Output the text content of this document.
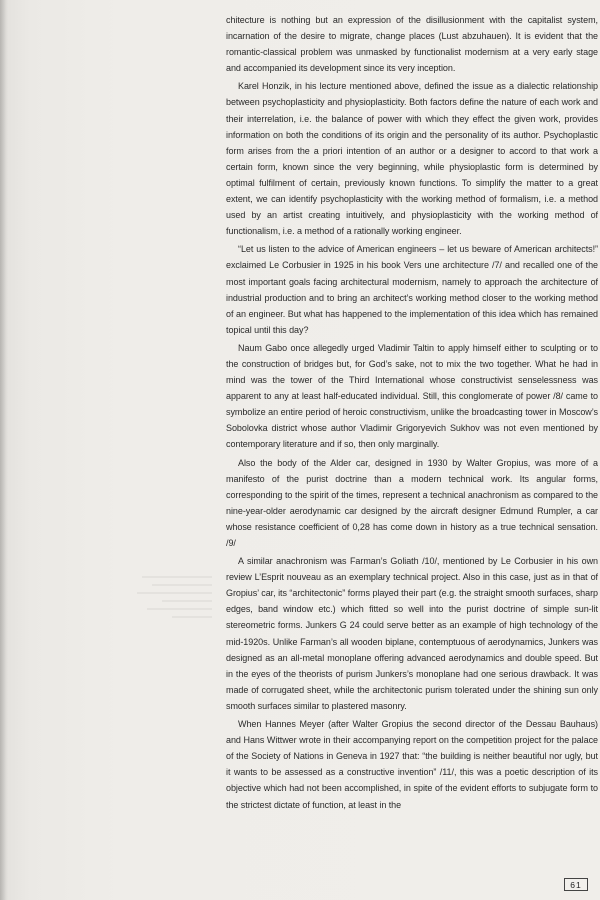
chitecture is nothing but an expression of the disillusionment with the capitalist system, incarnation of the desire to migrate, change places (Lust abzuhauen). It is evident that the romantic-classical problem was unmasked by functionalist modernism at a very early stage and accompanied its development since its very inception.

Karel Honzik, in his lecture mentioned above, defined the issue as a dialectic relationship between psychoplasticity and physioplasticity. Both factors define the nature of each work and their interrelation, i.e. the balance of power with which they effect the given work, provides information on both the conditions of its origin and the personality of its author. Psychoplastic form arises from the a priori intention of an author or a designer to accord to that work a certain form, known since the very beginning, while physioplastic form is determined by optimal fulfilment of certain, previously known functions. To simplify the matter to a great extent, we can identify psychoplasticity with the working method of formalism, i.e. a method used by an artist creating intuitively, and physioplasticity with the working method of functionalism, i.e. a method of a rationally working engineer.

“Let us listen to the advice of American engineers – let us beware of American architects!” exclaimed Le Corbusier in 1925 in his book Vers une architecture /7/ and recalled one of the most important goals facing architectural modernism, namely to approach the architecture of industrial production and to bring an architect’s working method closer to the working method of an engineer. But what has happened to the implementation of this idea which has remained topical until this day?

Naum Gabo once allegedly urged Vladimir Taltin to apply himself either to sculpting or to the construction of bridges but, for God’s sake, not to mix the two together. What he had in mind was the tower of the Third International whose constructivist senselessness was apparent to any at least half-educated individual. Still, this conglomerate of power /8/ came to symbolize an entire period of heroic constructivism, unlike the broadcasting tower in Moscow’s Sobolovka district whose author Vladimir Grigoryevich Sukhov was not even mentioned by contemporary literature and if so, then only marginally.

Also the body of the Alder car, designed in 1930 by Walter Gropius, was more of a manifesto of the purist doctrine than a modern technical work. Its angular forms, corresponding to the spirit of the times, represent a technical anachronism as compared to the nine-year-older aerodynamic car designed by the aircraft designer Edmund Rumpler, a car whose resistance coefficient of 0,28 has come down in history as a true technical sensation. /9/

A similar anachronism was Farman’s Goliath /10/, mentioned by Le Corbusier in his own review L’Esprit nouveau as an exemplary technical project. Also in this case, just as in that of Gropius’ car, its “architectonic” forms played their part (e.g. the straight smooth surfaces, sharp edges, band window etc.) which fitted so well into the purist doctrine of simple sun-lit stereometric forms. Junkers G 24 could serve better as an example of high technology of the mid-1920s. Unlike Farman’s all wooden biplane, contemptuous of aerodynamics, Junkers was designed as an all-metal monoplane offering advanced aerodynamics and double speed. But in the eyes of the theorists of purism Junkers’s monoplane had one serious drawback. It was made of corrugated sheet, while the architectonic purism tolerated under the shining sun only smooth surfaces similar to plastered masonry.

When Hannes Meyer (after Walter Gropius the second director of the Dessau Bauhaus) and Hans Wittwer wrote in their accompanying report on the competition project for the palace of the Society of Nations in Geneva in 1927 that: “the building is neither beautiful nor ugly, but it wants to be assessed as a constructive invention” /11/, this was a poetic description of its objective which had not been accomplished, in spite of the evident efforts to subjugate form to the strictest dictate of function, at least in the

61
